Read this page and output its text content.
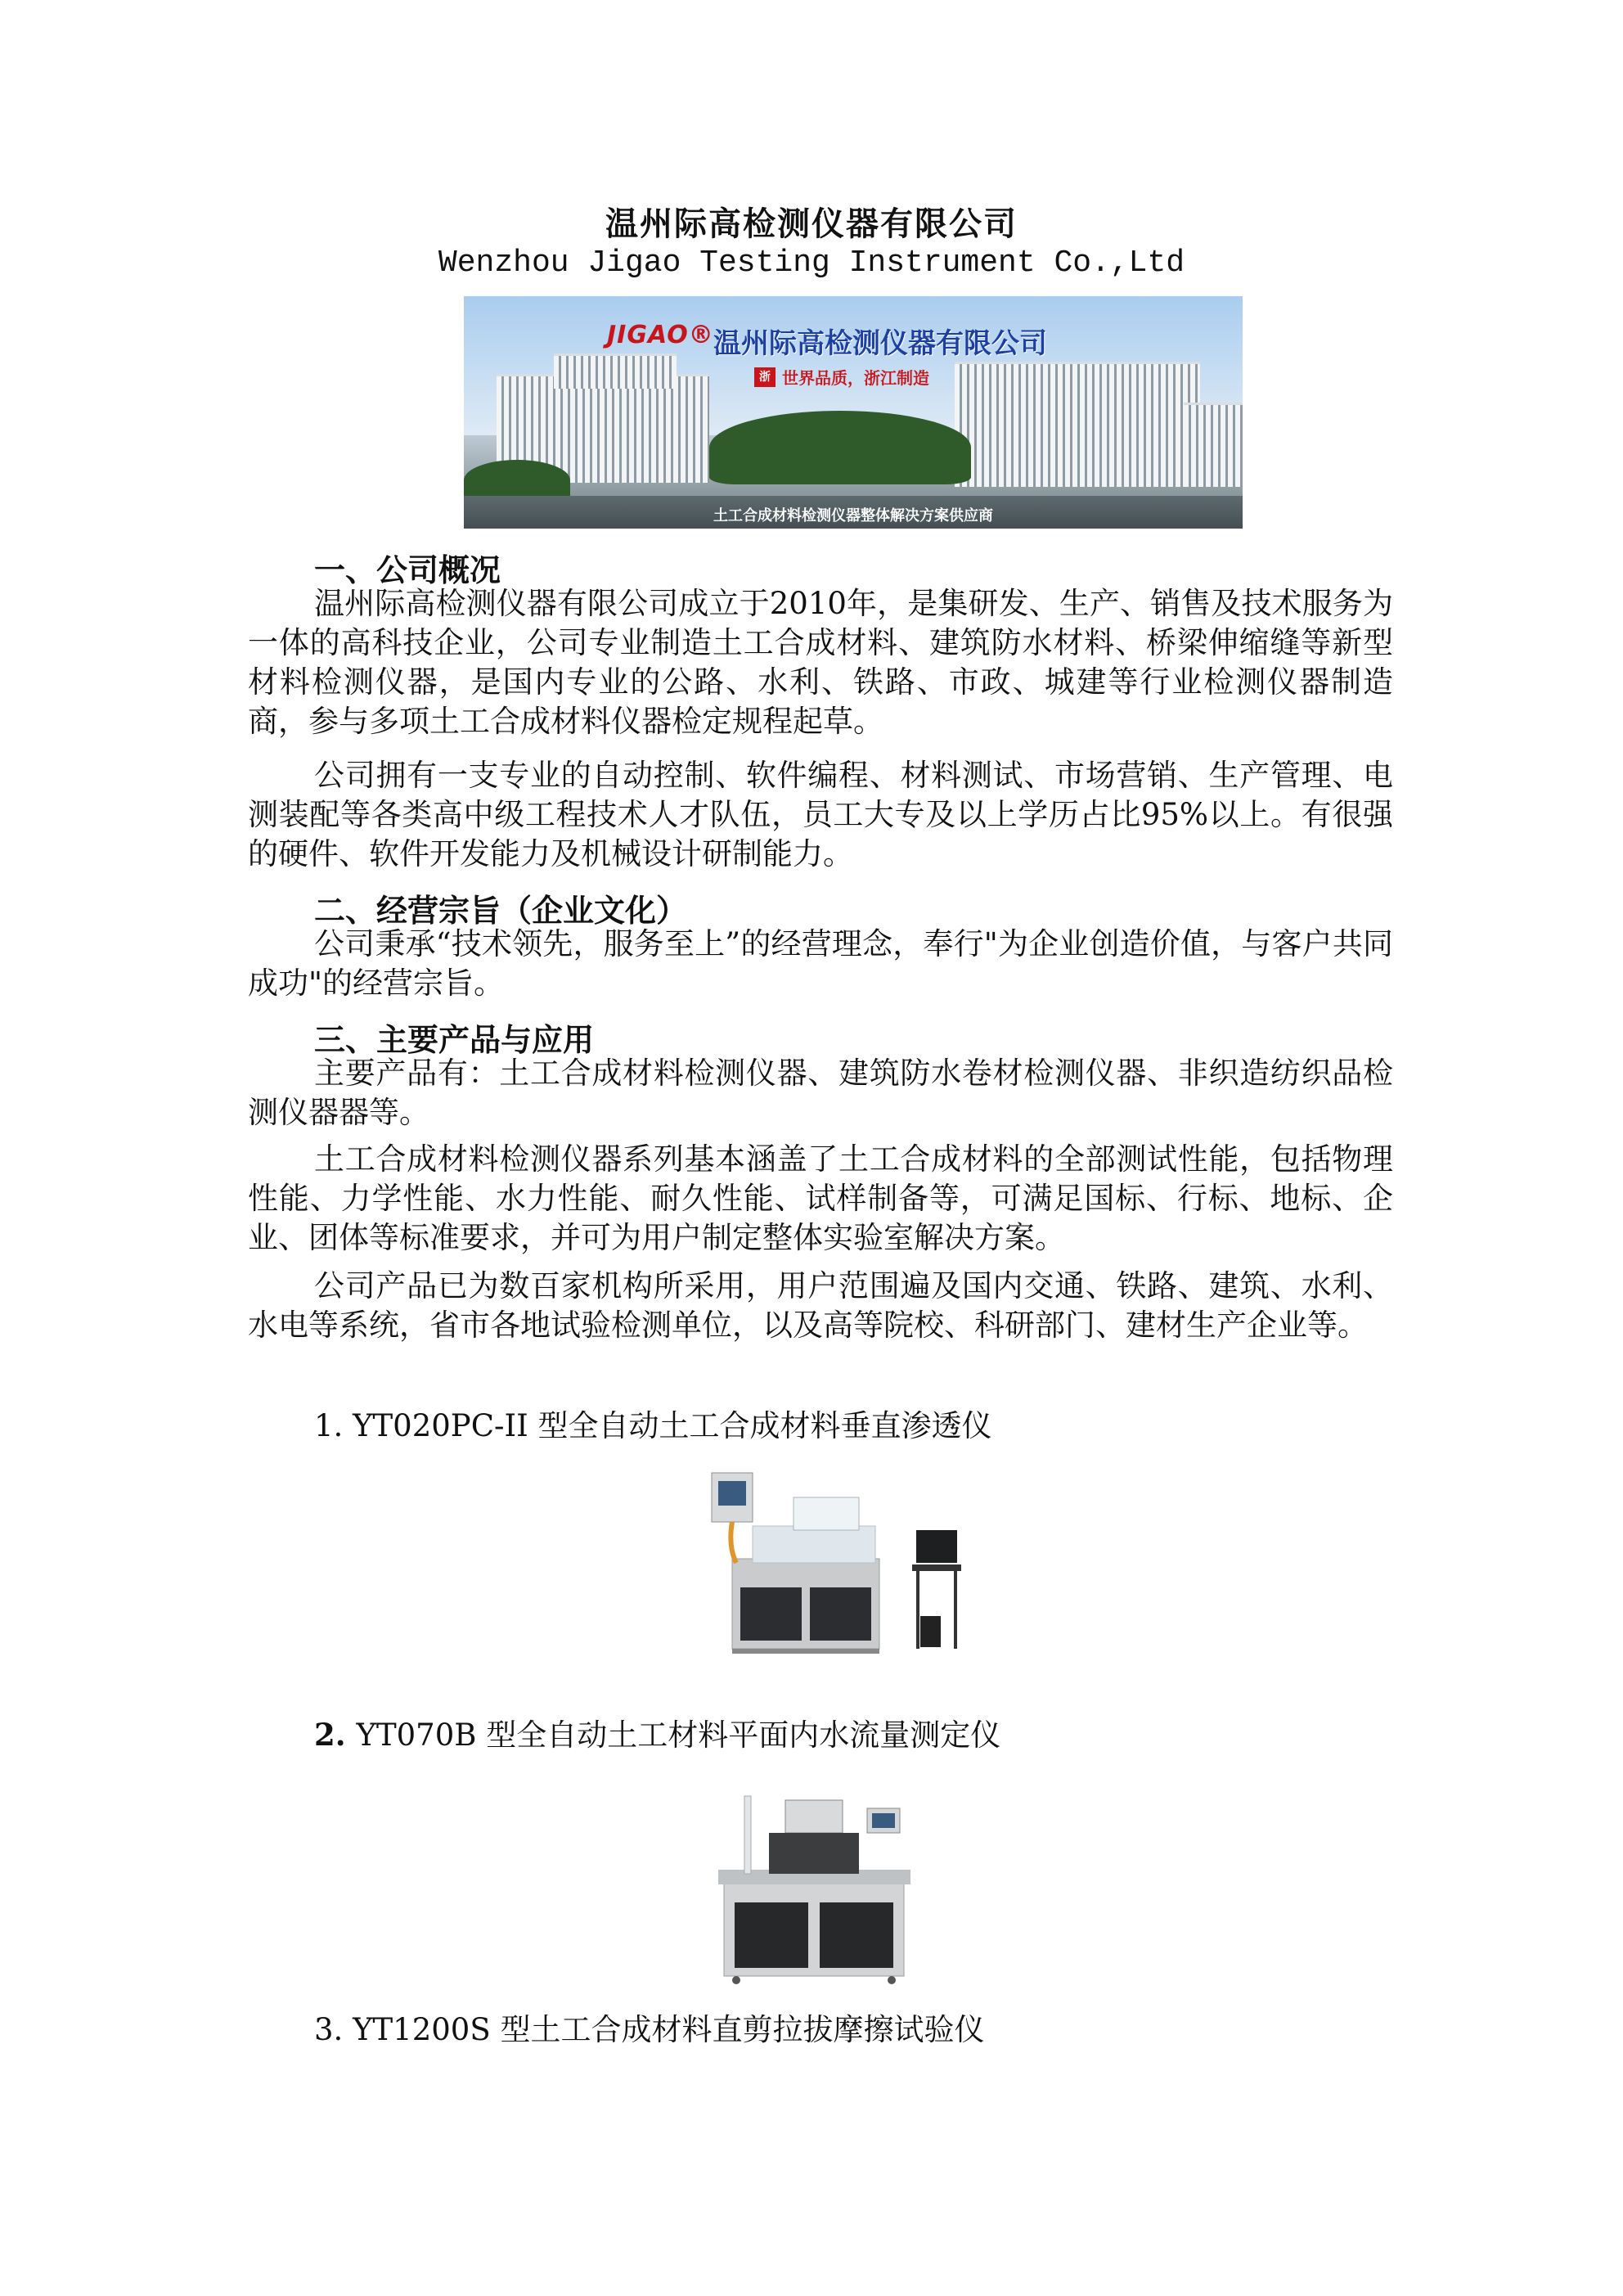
温州际高检测仪器有限公司
Wenzhou Jigao Testing Instrument Co.,Ltd
JIGAO® 温州际高检测仪器有限公司
浙 世界品质，浙江制造
土工合成材料检测仪器整体解决方案供应商
一、公司概况
温州际高检测仪器有限公司成立于2010年，是集研发、生产、销售及技术服务为一体的高科技企业，公司专业制造土工合成材料、建筑防水材料、桥梁伸缩缝等新型材料检测仪器，是国内专业的公路、水利、铁路、市政、城建等行业检测仪器制造商，参与多项土工合成材料仪器检定规程起草。
公司拥有一支专业的自动控制、软件编程、材料测试、市场营销、生产管理、电测装配等各类高中级工程技术人才队伍，员工大专及以上学历占比95%以上。有很强的硬件、软件开发能力及机械设计研制能力。
二、经营宗旨（企业文化）
公司秉承“技术领先，服务至上”的经营理念，奉行"为企业创造价值，与客户共同成功"的经营宗旨。
三、主要产品与应用
主要产品有：土工合成材料检测仪器、建筑防水卷材检测仪器、非织造纺织品检测仪器器等。
土工合成材料检测仪器系列基本涵盖了土工合成材料的全部测试性能，包括物理性能、力学性能、水力性能、耐久性能、试样制备等，可满足国标、行标、地标、企业、团体等标准要求，并可为用户制定整体实验室解决方案。
公司产品已为数百家机构所采用，用户范围遍及国内交通、铁路、建筑、水利、水电等系统，省市各地试验检测单位，以及高等院校、科研部门、建材生产企业等。
1. YT020PC-II 型全自动土工合成材料垂直渗透仪
2. YT070B 型全自动土工材料平面内水流量测定仪
3. YT1200S 型土工合成材料直剪拉拔摩擦试验仪
